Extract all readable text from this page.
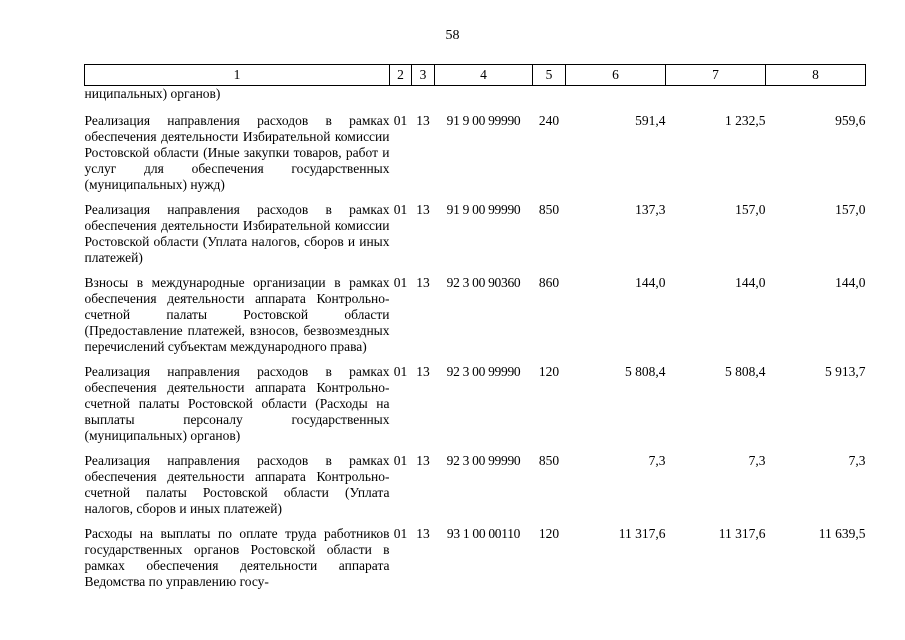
58
1	2	3	4	5	6	7	8
ниципальных) органов)							
Реализация направления расходов в рамках обеспечения деятельности Избирательной комиссии Ростовской области (Иные закупки товаров, работ и услуг для обеспечения государственных (муниципальных) нужд)	01	13	91 9 00 99990	240	591,4	1 232,5	959,6
Реализация направления расходов в рамках обеспечения деятельности Избирательной комиссии Ростовской области (Уплата налогов, сборов и иных платежей)	01	13	91 9 00 99990	850	137,3	157,0	157,0
Взносы в международные организации в рамках обеспечения деятельности аппарата Контрольно-счетной палаты Ростовской области (Предоставление платежей, взносов, безвозмездных перечислений субъектам международного права)	01	13	92 3 00 90360	860	144,0	144,0	144,0
Реализация направления расходов в рамках обеспечения деятельности аппарата Контрольно-счетной палаты Ростовской области (Расходы на выплаты персоналу государственных (муниципальных) органов)	01	13	92 3 00 99990	120	5 808,4	5 808,4	5 913,7
Реализация направления расходов в рамках обеспечения деятельности аппарата Контрольно-счетной палаты Ростовской области (Уплата налогов, сборов и иных платежей)	01	13	92 3 00 99990	850	7,3	7,3	7,3
Расходы на выплаты по оплате труда работников государственных органов Ростовской области в рамках обеспечения деятельности аппарата Ведомства по управлению госу-	01	13	93 1 00 00110	120	11 317,6	11 317,6	11 639,5
